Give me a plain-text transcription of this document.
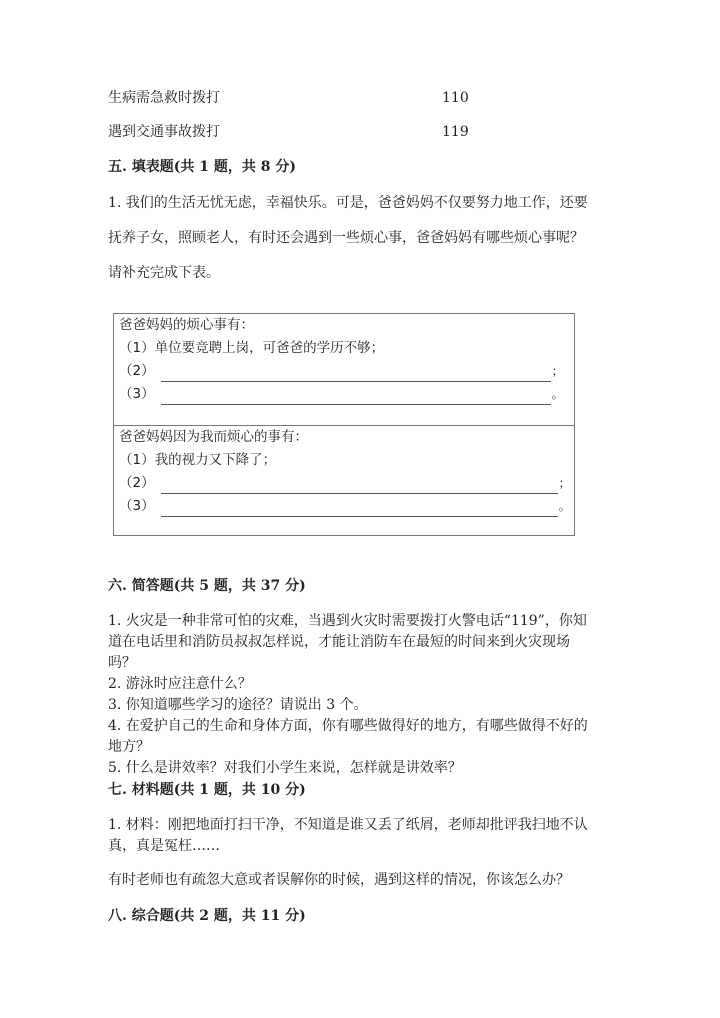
生病需急救时拨打	110
遇到交通事故拨打	119
五. 填表题(共 1 题，共 8 分)
1. 我们的生活无忧无虑，幸福快乐。可是，爸爸妈妈不仅要努力地工作，还要
抚养子女，照顾老人，有时还会遇到一些烦心事，爸爸妈妈有哪些烦心事呢？
请补充完成下表。
爸爸妈妈的烦心事有：
（1）单位要竞聘上岗，可爸爸的学历不够；
（2）	；
（3）	。
爸爸妈妈因为我而烦心的事有：
（1）我的视力又下降了；
（2）	；
（3）	。
六. 简答题(共 5 题，共 37 分)
1. 火灾是一种非常可怕的灾难，当遇到火灾时需要拨打火警电话“119”，你知
道在电话里和消防员叔叔怎样说，才能让消防车在最短的时间来到火灾现场
吗？
2. 游泳时应注意什么？
3. 你知道哪些学习的途径？请说出 3 个。
4. 在爱护自己的生命和身体方面，你有哪些做得好的地方，有哪些做得不好的
地方？
5. 什么是讲效率？对我们小学生来说，怎样就是讲效率？
七. 材料题(共 1 题，共 10 分)
1. 材料：刚把地面打扫干净，不知道是谁又丢了纸屑，老师却批评我扫地不认
真，真是冤枉……
有时老师也有疏忽大意或者误解你的时候，遇到这样的情况，你该怎么办？
八. 综合题(共 2 题，共 11 分)
